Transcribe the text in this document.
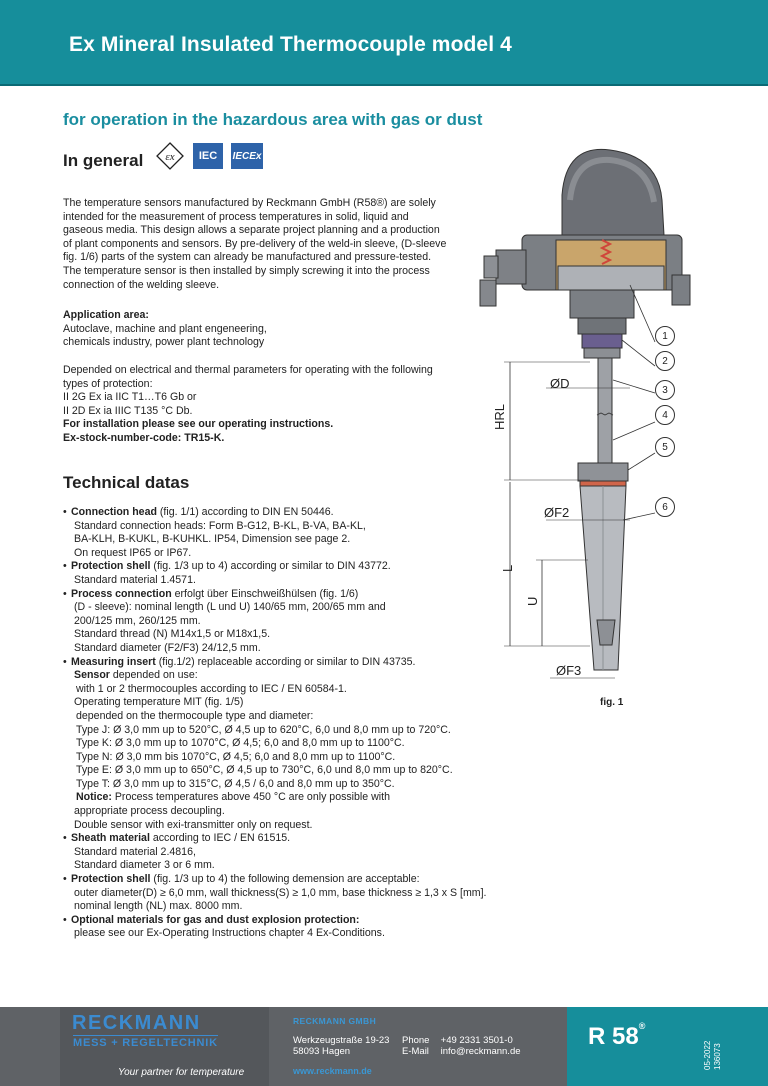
Ex Mineral Insulated Thermocouple model 4
for operation in the hazardous area with gas or dust
In general εx	IEC	IECEx

The temperature sensors manufactured by Reckmann GmbH (R58®) are solely

intended for the measurement of process temperatures in solid, liquid and

gaseous media. This design allows a separate project planning and a production

of plant components and sensors. By pre-delivery of the weld-in sleeve, (D-sleeve

fig. 1/6) parts of the system can already be manufactured and pressure-tested.

The temperature sensor is then installed by simply screwing it into the process

connection of the welding sleeve.

Application area:

Autoclave, machine and plant engeneering,

chemicals industry, power plant technology

Depended on electrical and thermal parameters for operating with the following

types of protection:

II 2G Ex ia IIC T1…T6 Gb or

II 2D Ex ia IIIC T135 °C Db.

For installation please see our operating instructions.

Ex-stock-number-code: TR15-K.

Technical datas
• Connection head (fig. 1/1) according to DIN EN 50446.
Standard connection heads: Form B-G12, B-KL, B-VA, BA-KL,
BA-KLH, B-KUKL, B-KUHKL. IP54, Dimension see page 2.
On request IP65 or IP67.
• Protection shell (fig. 1/3 up to 4) according or similar to DIN 43772.
Standard material 1.4571.
• Process connection erfolgt über Einschweißhülsen (fig. 1/6)
(D - sleeve): nominal length (L und U) 140/65 mm, 200/65 mm and
200/125 mm, 260/125 mm.
Standard thread (N) M14x1,5 or M18x1,5.
Standard diameter (F2/F3) 24/12,5 mm.
• Measuring insert (fig.1/2) replaceable according or similar to DIN 43735.
Sensor depended on use:
with 1 or 2 thermocouples according to IEC / EN 60584-1.
Operating temperature MIT (fig. 1/5)
depended on the thermocouple type and diameter:
Type J: Ø 3,0 mm up to 520°C, Ø 4,5 up to 620°C, 6,0 und 8,0 mm up to 720°C.
Type K: Ø 3,0 mm up to 1070°C, Ø 4,5; 6,0 and 8,0 mm up to 1100°C.
Type N: Ø 3,0 mm bis 1070°C, Ø 4,5; 6,0 and 8,0 mm up to 1100°C.
Type E: Ø 3,0 mm up to 650°C, Ø 4,5 up to 730°C, 6,0 und 8,0 mm up to 820°C.
Type T: Ø 3,0 mm up to 315°C, Ø 4,5 / 6,0 and 8,0 mm up to 350°C.
Notice: Process temperatures above 450 °C are only possible with
appropriate process decoupling.
Double sensor with exi-transmitter only on request.
• Sheath material according to IEC / EN 61515.
Standard material 2.4816,
Standard diameter 3 or 6 mm.
• Protection shell (fig. 1/3 up to 4) the following demension are acceptable:
outer diameter(D) ≥ 6,0 mm, wall thickness(S) ≥ 1,0 mm, base thickness ≥ 1,3 x S [mm].
nominal length (NL) max. 8000 mm.
• Optional materials for gas and dust explosion protection:
please see our Ex-Operating Instructions chapter 4 Ex-Conditions.
ØD
HRL
ØF2
L
U
ØF3
1
2
3
4
5
6
fig. 1
RECKMANN
MESS + REGELTECHNIK
Your partner for temperature
RECKMANN GMBH
Werkzeugstraße 19-23
58093 Hagen
Phone +49 2331 3501-0
E-Mail info@reckmann.de
www.reckmann.de
R 58®
05-2022 136073
